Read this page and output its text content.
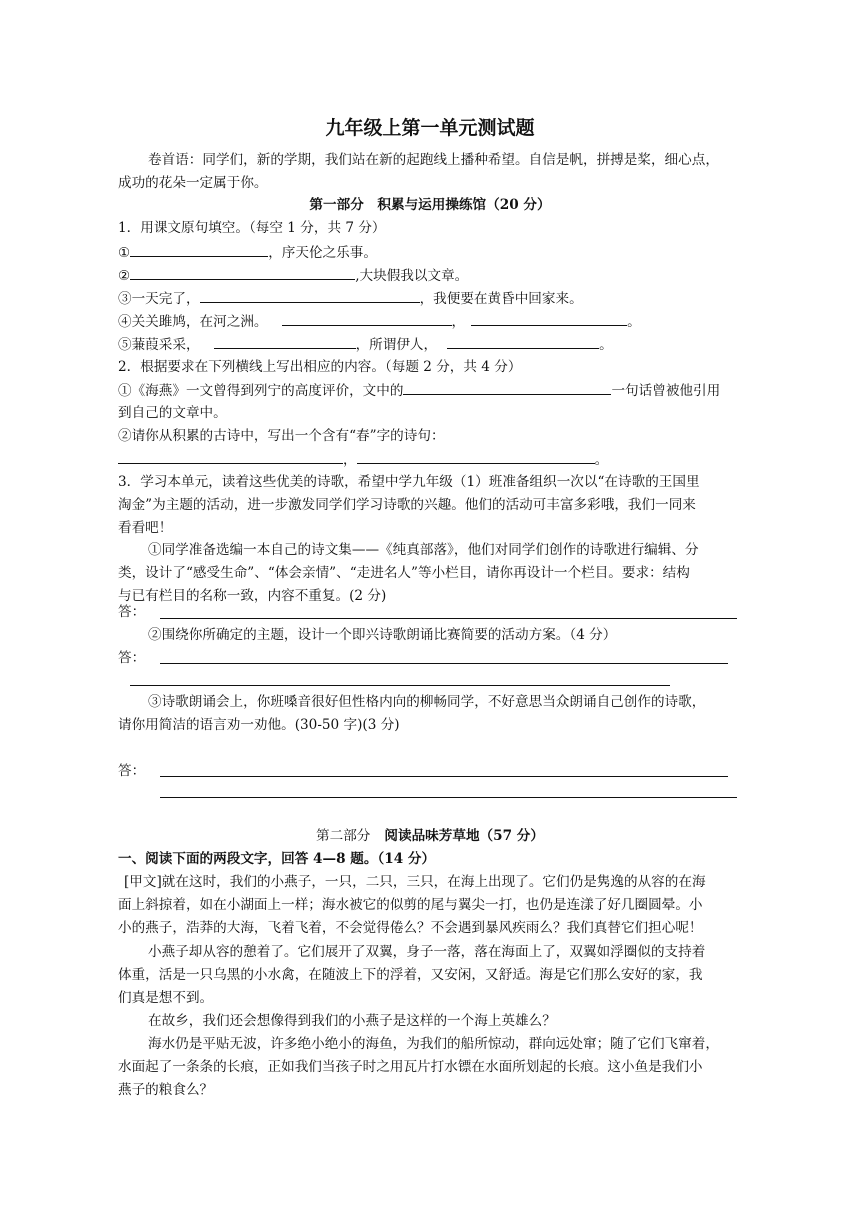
九年级上第一单元测试题
卷首语：同学们，新的学期，我们站在新的起跑线上播种希望。自信是帆，拼搏是桨，细心点，
成功的花朵一定属于你。
第一部分　积累与运用操练馆（20 分）
1．用课文原句填空。（每空 1 分，共 7 分）
①	，序天伦之乐事。
②	,大块假我以文章。
③一天完了，	，我便要在黄昏中回家来。
④关关雎鸠，在河之洲。	，	。
⑤蒹葭采采，	，所谓伊人，	。
2．根据要求在下列横线上写出相应的内容。（每题 2 分，共 4 分）
①《海燕》一文曾得到列宁的高度评价，文中的	一句话曾被他引用
到自己的文章中。
②请你从积累的古诗中，写出一个含有“春”字的诗句：
，	。
3．学习本单元，读着这些优美的诗歌，希望中学九年级（1）班准备组织一次以“在诗歌的王国里
淘金”为主题的活动，进一步激发同学们学习诗歌的兴趣。他们的活动可丰富多彩哦，我们一同来
看看吧！
①同学准备选编一本自己的诗文集——《纯真部落》，他们对同学们创作的诗歌进行编辑、分
类，设计了“感受生命”、“体会亲情”、“走进名人”等小栏目，请你再设计一个栏目。要求：结构
与已有栏目的名称一致，内容不重复。(2 分)
答：
②围绕你所确定的主题，设计一个即兴诗歌朗诵比赛简要的活动方案。（4 分）
答：
③诗歌朗诵会上，你班嗓音很好但性格内向的柳畅同学，不好意思当众朗诵自己创作的诗歌，
请你用简洁的语言劝一劝他。(30-50 字)(3 分)
答：
第二部分 阅读品味芳草地（57 分）
一、阅读下面的两段文字，回答 4—8 题。（14 分）
[甲文]就在这时，我们的小燕子，一只，二只，三只，在海上出现了。它们仍是隽逸的从容的在海
面上斜掠着，如在小湖面上一样；海水被它的似剪的尾与翼尖一打，也仍是连漾了好几圈圆晕。小
小的燕子，浩莽的大海，飞着飞着，不会觉得倦么？不会遇到暴风疾雨么？我们真替它们担心呢！
小燕子却从容的憩着了。它们展开了双翼，身子一落，落在海面上了，双翼如浮圈似的支持着
体重，活是一只乌黑的小水禽，在随波上下的浮着，又安闲，又舒适。海是它们那么安好的家，我
们真是想不到。
在故乡，我们还会想像得到我们的小燕子是这样的一个海上英雄么？
海水仍是平贴无波，许多绝小绝小的海鱼，为我们的船所惊动，群向远处窜；随了它们飞窜着，
水面起了一条条的长痕，正如我们当孩子时之用瓦片打水镖在水面所划起的长痕。这小鱼是我们小
燕子的粮食么？
